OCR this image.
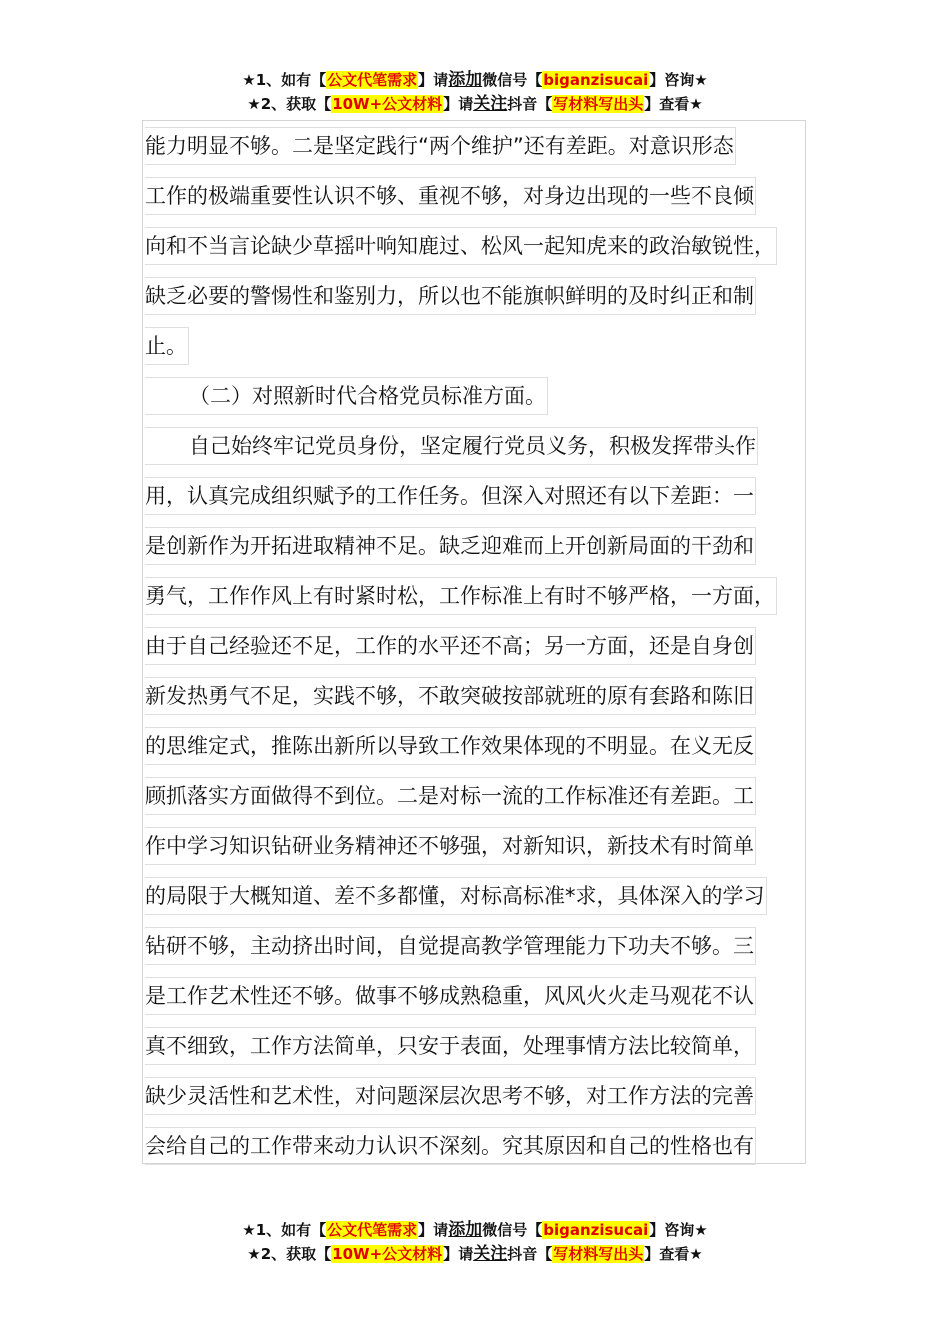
★1、如有【公文代笔需求】请添加微信号【biganzisucai】咨询★
★2、获取【10W+公文材料】请关注抖音【写材料写出头】查看★
能力明显不够。二是坚定践行“两个维护”还有差距。对意识形态
工作的极端重要性认识不够、重视不够，对身边出现的一些不良倾
向和不当言论缺少草摇叶响知鹿过、松风一起知虎来的政治敏锐性，
缺乏必要的警惕性和鉴别力，所以也不能旗帜鲜明的及时纠正和制
止。
（二）对照新时代合格党员标准方面。
自己始终牢记党员身份，坚定履行党员义务，积极发挥带头作
用，认真完成组织赋予的工作任务。但深入对照还有以下差距：一
是创新作为开拓进取精神不足。缺乏迎难而上开创新局面的干劲和
勇气，工作作风上有时紧时松，工作标准上有时不够严格，一方面，
由于自己经验还不足，工作的水平还不高；另一方面，还是自身创
新发热勇气不足，实践不够，不敢突破按部就班的原有套路和陈旧
的思维定式，推陈出新所以导致工作效果体现的不明显。在义无反
顾抓落实方面做得不到位。二是对标一流的工作标准还有差距。工
作中学习知识钻研业务精神还不够强，对新知识，新技术有时简单
的局限于大概知道、差不多都懂，对标高标准*求，具体深入的学习
钻研不够，主动挤出时间，自觉提高教学管理能力下功夫不够。三
是工作艺术性还不够。做事不够成熟稳重，风风火火走马观花不认
真不细致，工作方法简单，只安于表面，处理事情方法比较简单，
缺少灵活性和艺术性，对问题深层次思考不够，对工作方法的完善
会给自己的工作带来动力认识不深刻。究其原因和自己的性格也有
★1、如有【公文代笔需求】请添加微信号【biganzisucai】咨询★
★2、获取【10W+公文材料】请关注抖音【写材料写出头】查看★
